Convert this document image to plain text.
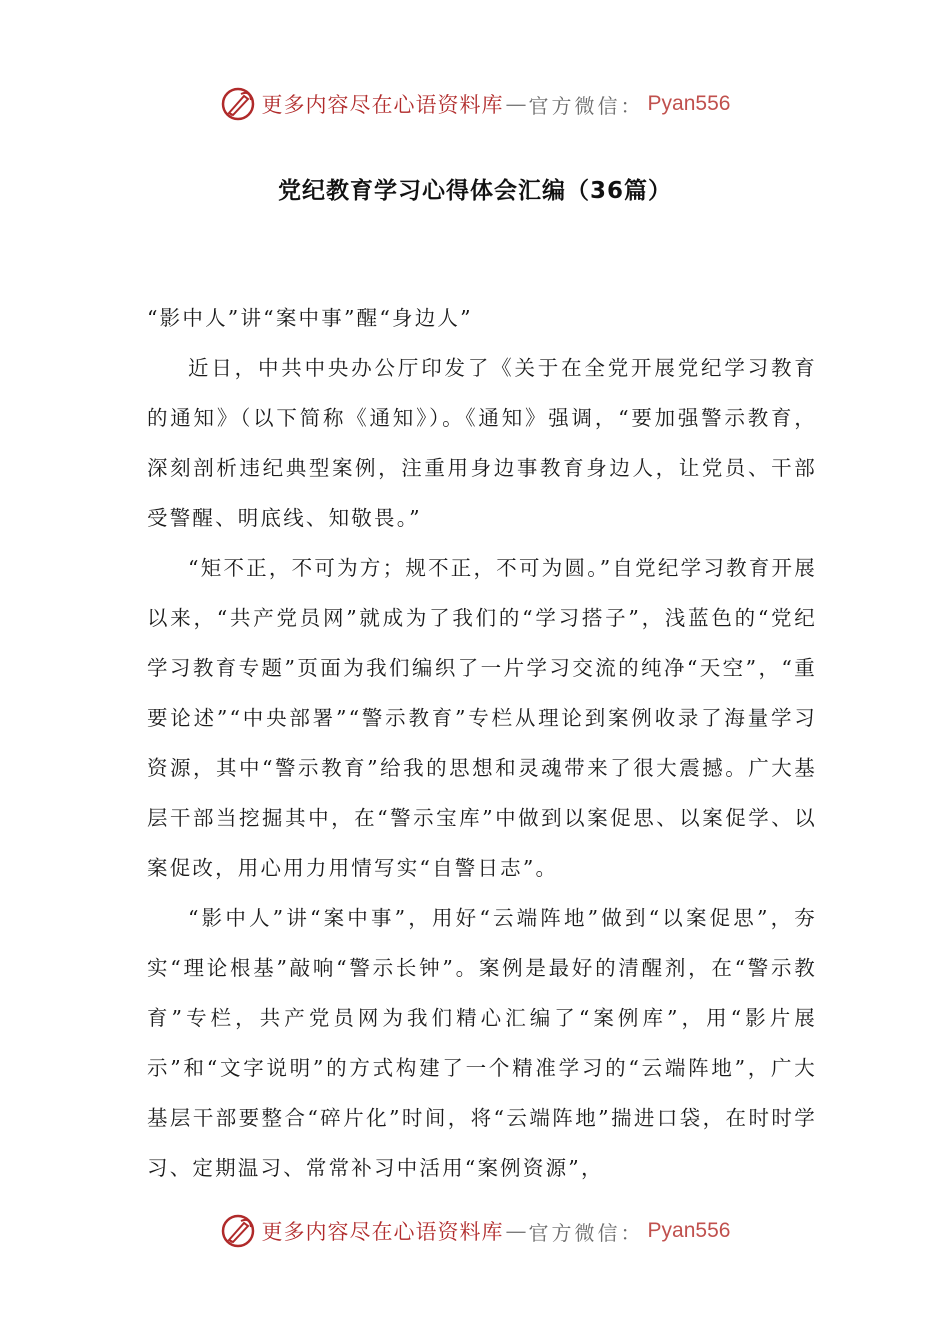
更多内容尽在心语资料库 — 官方微信： Pyan556
党纪教育学习心得体会汇编（36篇）

“影中人”讲“案中事”醒“身边人”

近日，中共中央办公厅印发了《关于在全党开展党纪学习教育的通知》（以下简称《通知》）。《通知》强调，“要加强警示教育，深刻剖析违纪典型案例，注重用身边事教育身边人，让党员、干部受警醒、明底线、知敬畏。”

“矩不正，不可为方；规不正，不可为圆。”自党纪学习教育开展以来，“共产党员网”就成为了我们的“学习搭子”，浅蓝色的“党纪学习教育专题”页面为我们编织了一片学习交流的纯净“天空”，“重要论述”“中央部署”“警示教育”专栏从理论到案例收录了海量学习资源，其中“警示教育”给我的思想和灵魂带来了很大震撼。广大基层干部当挖掘其中，在“警示宝库”中做到以案促思、以案促学、以案促改，用心用力用情写实“自警日志”。

“影中人”讲“案中事”，用好“云端阵地”做到“以案促思”，夯实“理论根基”敲响“警示长钟”。案例是最好的清醒剂，在“警示教育”专栏，共产党员网为我们精心汇编了“案例库”，用“影片展示”和“文字说明”的方式构建了一个精准学习的“云端阵地”，广大基层干部要整合“碎片化”时间，将“云端阵地”揣进口袋，在时时学习、定期温习、常常补习中活用“案例资源”，

更多内容尽在心语资料库 — 官方微信： Pyan556
